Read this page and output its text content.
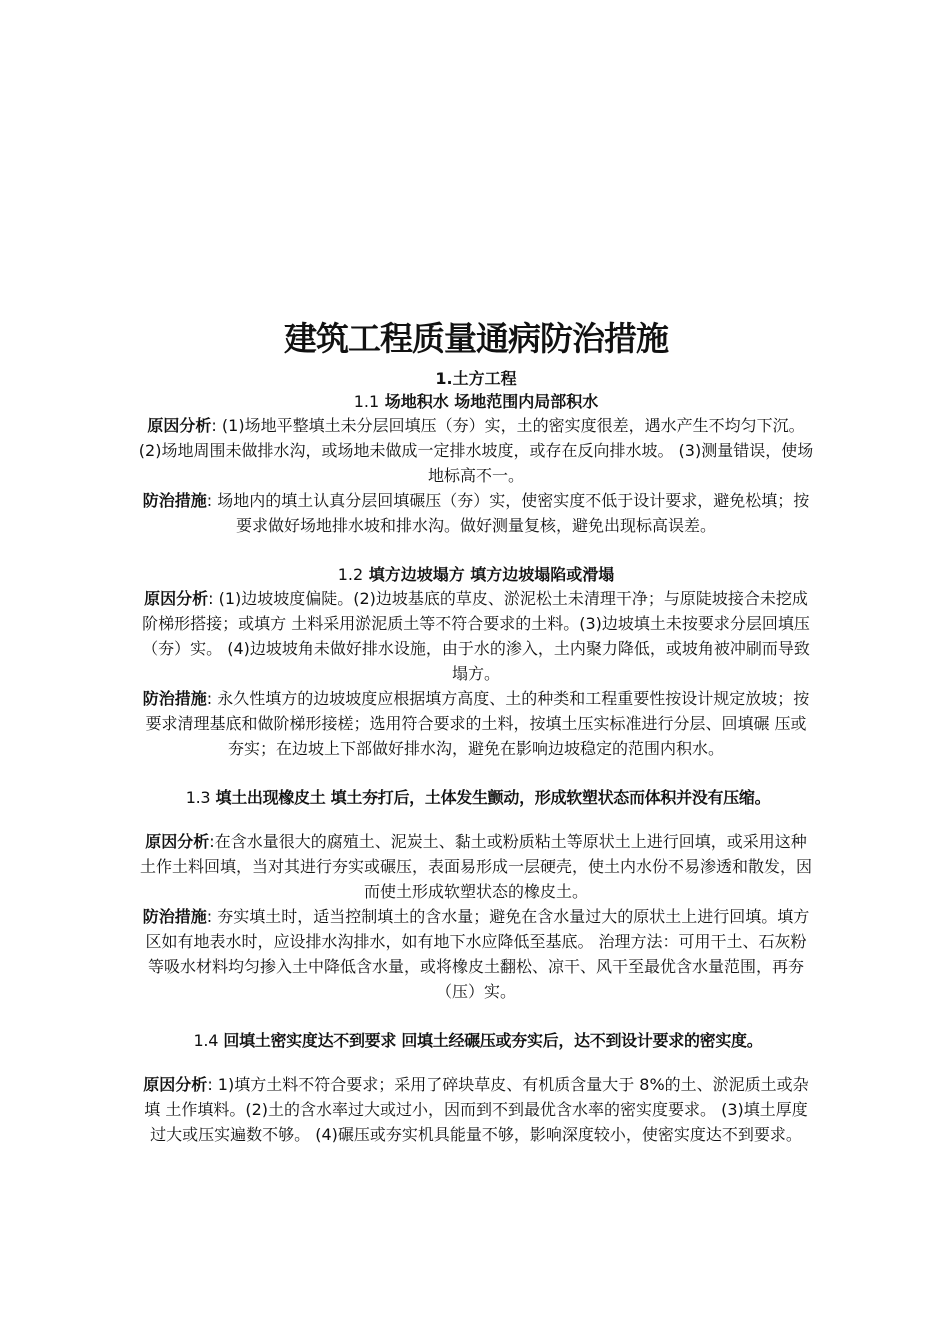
建筑工程质量通病防治措施

1.土方工程

1.1 场地积水 场地范围内局部积水

原因分析: (1)场地平整填土未分层回填压（夯）实，土的密实度很差，遇水产生不均匀下沉。 (2)场地周围未做排水沟，或场地未做成一定排水坡度，或存在反向排水坡。 (3)测量错误，使场地标高不一。

防治措施: 场地内的填土认真分层回填碾压（夯）实，使密实度不低于设计要求，避免松填；按要求做好场地排水坡和排水沟。做好测量复核，避免出现标高误差。

1.2 填方边坡塌方 填方边坡塌陷或滑塌

原因分析: (1)边坡坡度偏陡。(2)边坡基底的草皮、淤泥松土未清理干净；与原陡坡接合未挖成阶梯形搭接；或填方 土料采用淤泥质土等不符合要求的土料。(3)边坡填土未按要求分层回填压（夯）实。 (4)边坡坡角未做好排水设施，由于水的渗入，土内聚力降低，或坡角被冲刷而导致塌方。

防治措施: 永久性填方的边坡坡度应根据填方高度、土的种类和工程重要性按设计规定放坡；按要求清理基底和做阶梯形接槎；选用符合要求的土料，按填土压实标准进行分层、回填碾 压或夯实；在边坡上下部做好排水沟，避免在影响边坡稳定的范围内积水。

1.3 填土出现橡皮土 填土夯打后，土体发生颤动，形成软塑状态而体积并没有压缩。

原因分析:在含水量很大的腐殖土、泥炭土、黏土或粉质粘土等原状土上进行回填，或采用这种土作土料回填，当对其进行夯实或碾压，表面易形成一层硬壳，使土内水份不易渗透和散发，因而使土形成软塑状态的橡皮土。

防治措施: 夯实填土时，适当控制填土的含水量；避免在含水量过大的原状土上进行回填。填方区如有地表水时，应设排水沟排水，如有地下水应降低至基底。 治理方法：可用干土、石灰粉等吸水材料均匀掺入土中降低含水量，或将橡皮土翻松、凉干、风干至最优含水量范围，再夯（压）实。

1.4 回填土密实度达不到要求 回填土经碾压或夯实后，达不到设计要求的密实度。

原因分析: 1)填方土料不符合要求；采用了碎块草皮、有机质含量大于 8%的土、淤泥质土或杂填 土作填料。(2)土的含水率过大或过小，因而到不到最优含水率的密实度要求。 (3)填土厚度过大或压实遍数不够。 (4)碾压或夯实机具能量不够，影响深度较小，使密实度达不到要求。
